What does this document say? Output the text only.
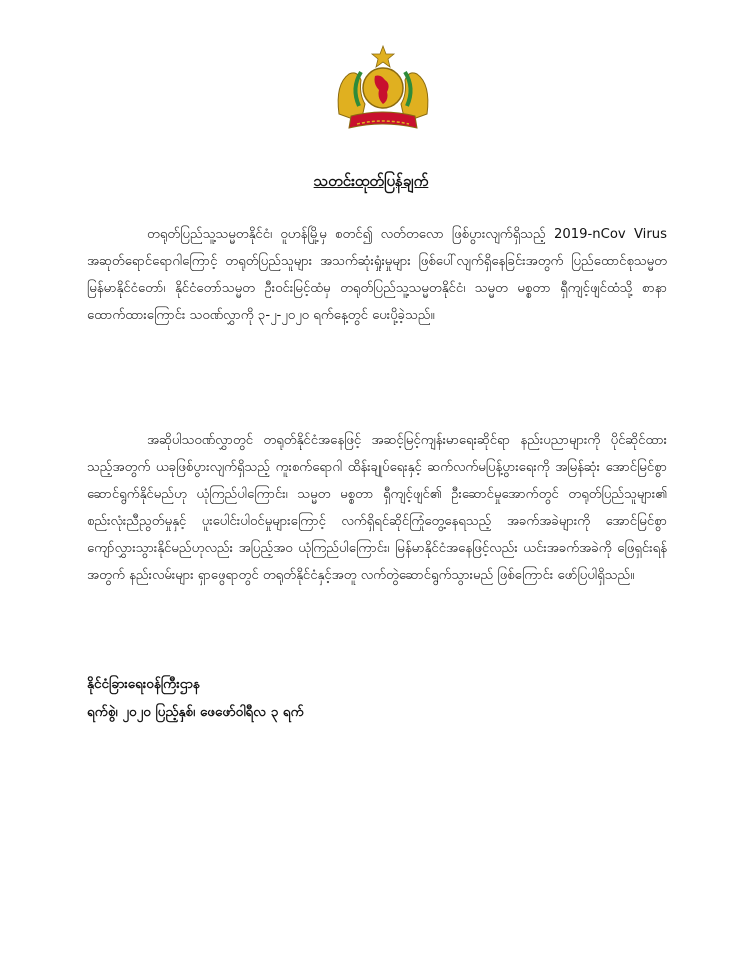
သတင်းထုတ်ပြန်ချက်
တရုတ်ပြည်သူ့သမ္မတနိုင်ငံ၊ ဝူဟန်မြို့မှ စတင်၍ လတ်တလော ဖြစ်ပွားလျက်ရှိသည့် 2019-nCov Virus အဆုတ်ရောင်ရောဂါကြောင့် တရုတ်ပြည်သူများ အသက်ဆုံးရှုံးမှုများ ဖြစ်ပေါ်လျက်ရှိနေခြင်းအတွက် ပြည်ထောင်စုသမ္မတမြန်မာနိုင်ငံတော်၊ နိုင်ငံတော်သမ္မတ ဦးဝင်းမြင့်ထံမှ တရုတ်ပြည်သူ့သမ္မတနိုင်ငံ၊ သမ္မတ မစ္စတာ ရှီကျင့်ဖျင်ထံသို့ စာနာထောက်ထားကြောင်း သဝဏ်လွှာကို ၃-၂-၂၀၂၀ ရက်နေ့တွင် ပေးပို့ခဲ့သည်။
အဆိုပါသဝဏ်လွှာတွင် တရုတ်နိုင်ငံအနေဖြင့် အဆင့်မြင့်ကျန်းမာရေးဆိုင်ရာ နည်းပညာများကို ပိုင်ဆိုင်ထားသည့်အတွက် ယခုဖြစ်ပွားလျက်ရှိသည့် ကူးစက်ရောဂါ ထိန်းချုပ်ရေးနှင့် ဆက်လက်မပြန့်ပွားရေးကို အမြန်ဆုံး အောင်မြင်စွာ ဆောင်ရွက်နိုင်မည်ဟု ယုံကြည်ပါကြောင်း၊ သမ္မတ မစ္စတာ ရှီကျင့်ဖျင်၏ ဦးဆောင်မှုအောက်တွင် တရုတ်ပြည်သူများ၏ စည်းလုံးညီညွတ်မှုနှင့် ပူးပေါင်းပါဝင်မှုများကြောင့် လက်ရှိရင်ဆိုင်ကြုံတွေ့နေရသည့် အခက်အခဲများကို အောင်မြင်စွာ ကျော်လွှားသွားနိုင်မည်ဟုလည်း အပြည့်အဝ ယုံကြည်ပါကြောင်း၊ မြန်မာနိုင်ငံအနေဖြင့်လည်း ယင်းအခက်အခဲကို ဖြေရှင်းရန်အတွက် နည်းလမ်းများ ရှာဖွေရာတွင် တရုတ်နိုင်ငံနှင့်အတူ လက်တွဲဆောင်ရွက်သွားမည် ဖြစ်ကြောင်း ဖော်ပြပါရှိသည်။
နိုင်ငံခြားရေးဝန်ကြီးဌာန
ရက်စွဲ၊ ၂၀၂၀ ပြည့်နှစ်၊ ဖေဖော်ဝါရီလ ၃ ရက်
